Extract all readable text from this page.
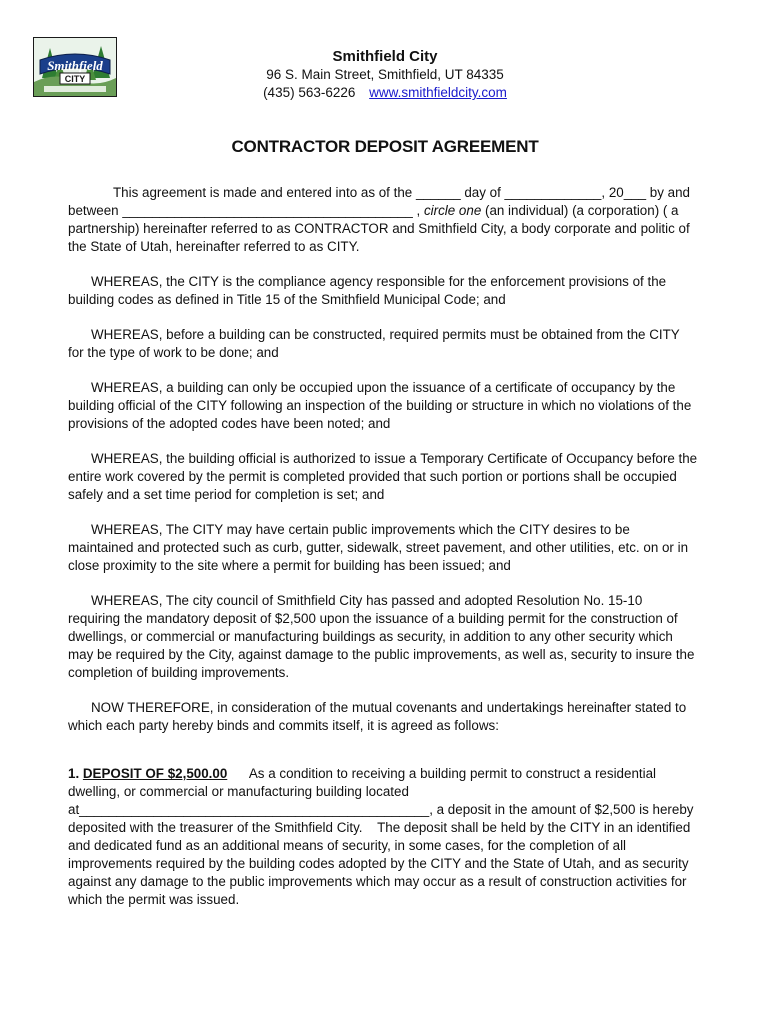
Smithfield
CITY
Smithfield City
96 S. Main Street, Smithfield, UT 84335
(435) 563-6226 www.smithfieldcity.com
CONTRACTOR DEPOSIT AGREEMENT

This agreement is made and entered into as of the ______ day of _____________, 20___ by and between _______________________________________ , circle one (an individual) (a corporation) ( a partnership) hereinafter referred to as CONTRACTOR and Smithfield City, a body corporate and politic of the State of Utah, hereinafter referred to as CITY.

WHEREAS, the CITY is the compliance agency responsible for the enforcement provisions of the building codes as defined in Title 15 of the Smithfield Municipal Code; and

WHEREAS, before a building can be constructed, required permits must be obtained from the CITY for the type of work to be done; and

WHEREAS, a building can only be occupied upon the issuance of a certificate of occupancy by the building official of the CITY following an inspection of the building or structure in which no violations of the provisions of the adopted codes have been noted; and

WHEREAS, the building official is authorized to issue a Temporary Certificate of Occupancy before the entire work covered by the permit is completed provided that such portion or portions shall be occupied safely and a set time period for completion is set; and

WHEREAS, The CITY may have certain public improvements which the CITY desires to be maintained and protected such as curb, gutter, sidewalk, street pavement, and other utilities, etc. on or in close proximity to the site where a permit for building has been issued; and

WHEREAS, The city council of Smithfield City has passed and adopted Resolution No. 15-10 requiring the mandatory deposit of $2,500 upon the issuance of a building permit for the construction of dwellings, or commercial or manufacturing buildings as security, in addition to any other security which may be required by the City, against damage to the public improvements, as well as, security to insure the completion of building improvements.

NOW THEREFORE, in consideration of the mutual covenants and undertakings hereinafter stated to which each party hereby binds and commits itself, it is agreed as follows:

1. DEPOSIT OF $2,500.00      As a condition to receiving a building permit to construct a residential dwelling, or commercial or manufacturing building located at_______________________________________________, a deposit in the amount of $2,500 is hereby deposited with the treasurer of the Smithfield City.    The deposit shall be held by the CITY in an identified and dedicated fund as an additional means of security, in some cases, for the completion of all improvements required by the building codes adopted by the CITY and the State of Utah, and as security against any damage to the public improvements which may occur as a result of construction activities for which the permit was issued.
